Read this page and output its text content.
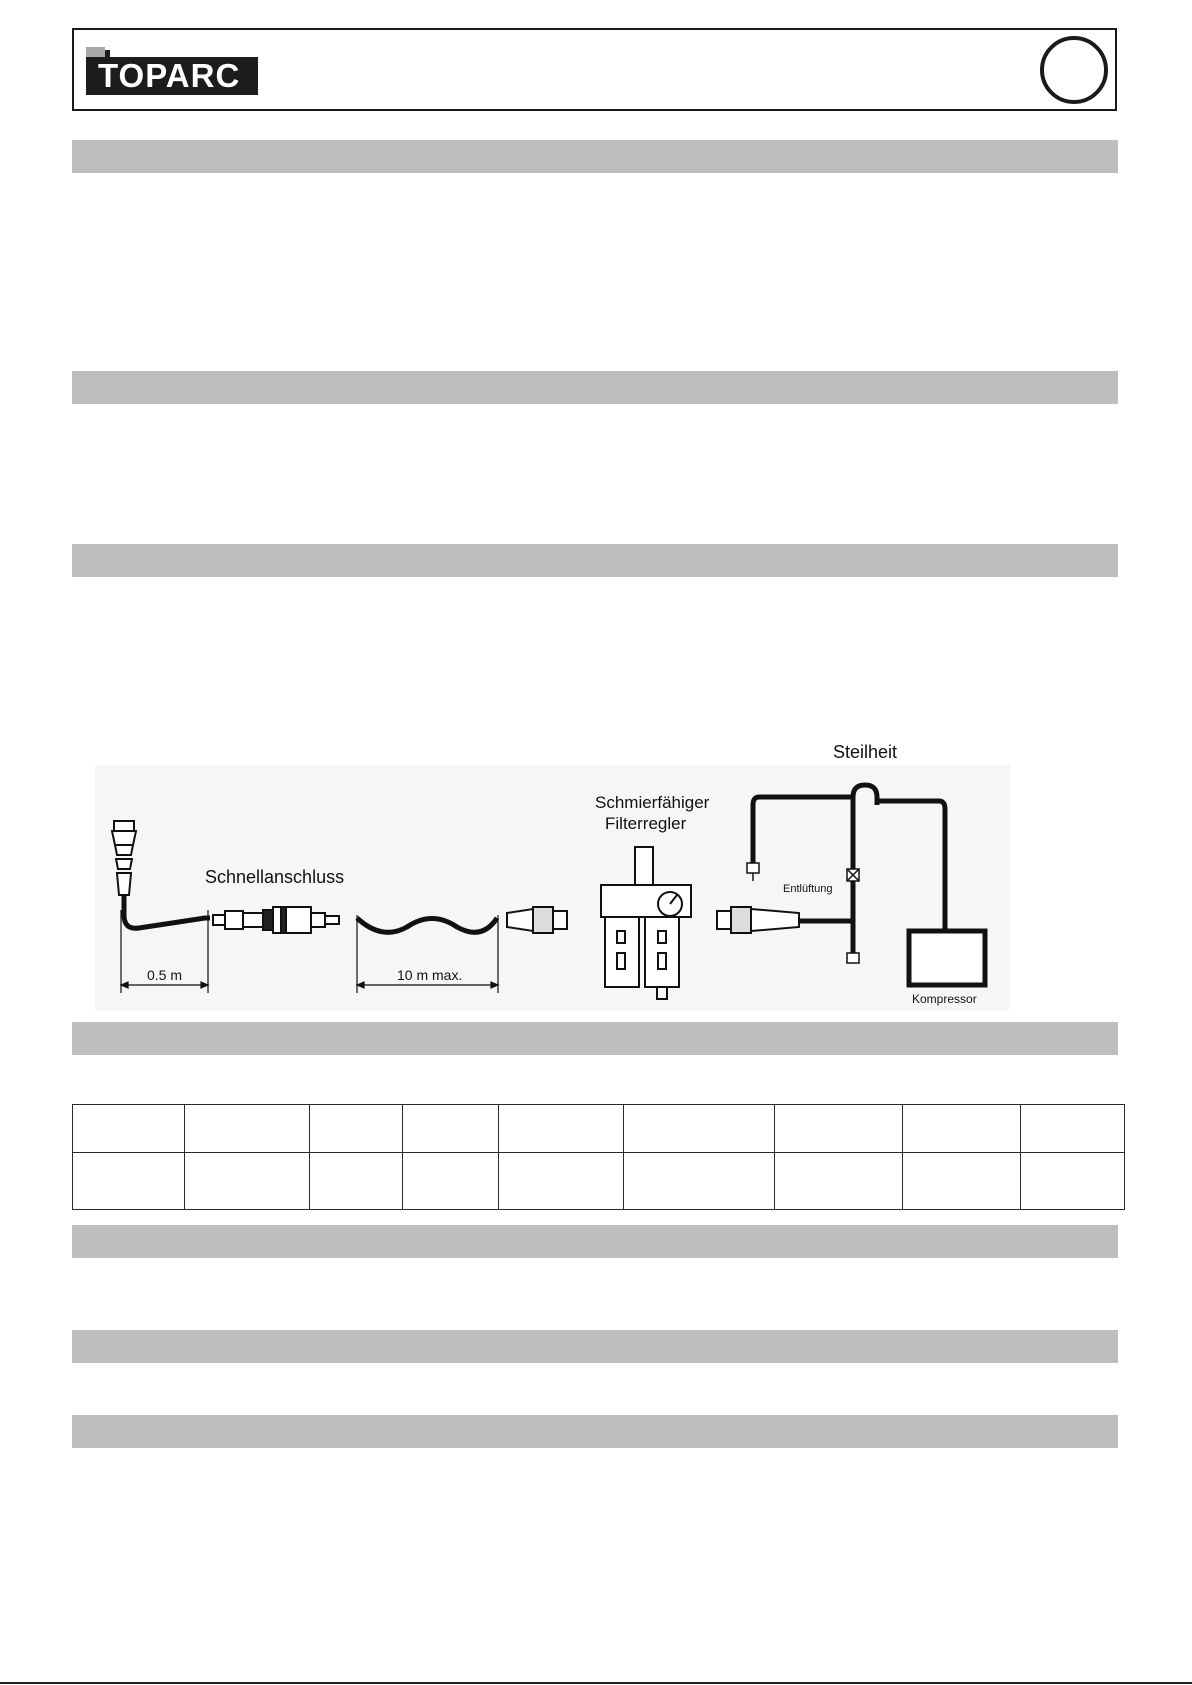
TOPARC
0.5 m
Schnellanschluss
10 m max.
Schmierfähiger
Filterregler
Steilheit
Entlüftung
Kompressor
